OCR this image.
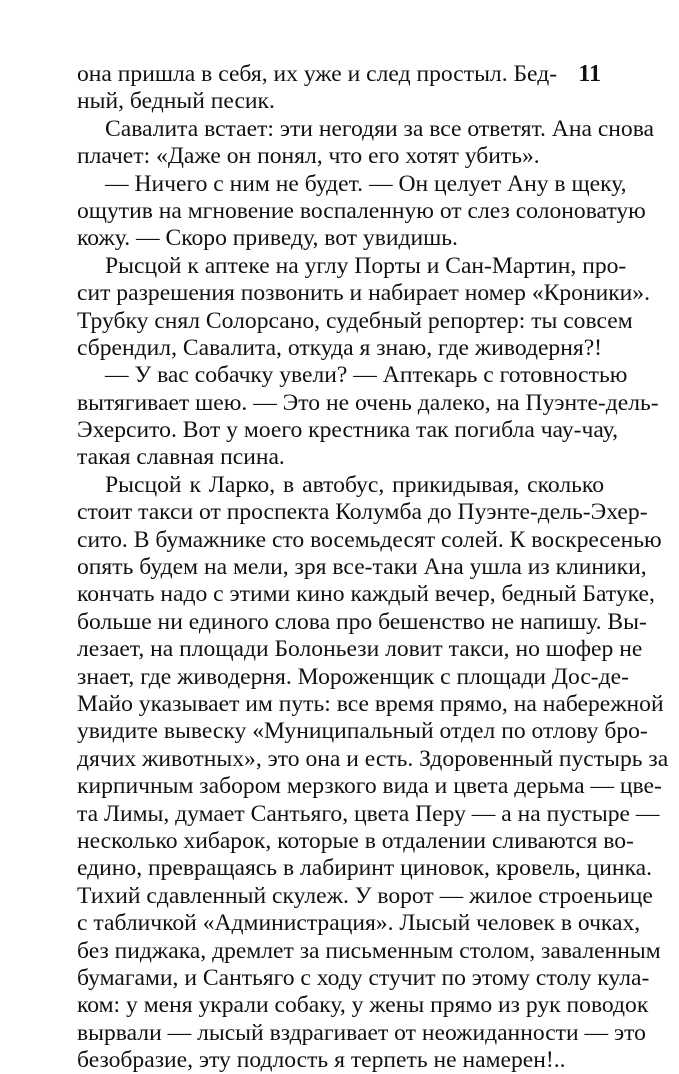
11
она пришла в себя, их уже и след простыл. Бед-
ный, бедный песик.
Савалита встает: эти негодяи за все ответят. Ана снова
плачет: «Даже он понял, что его хотят убить».
— Ничего с ним не будет. — Он целует Ану в щеку,
ощутив на мгновение воспаленную от слез солоноватую
кожу. — Скоро приведу, вот увидишь.
Рысцой к аптеке на углу Порты и Сан-Мартин, про-
сит разрешения позвонить и набирает номер «Кроники».
Трубку снял Солорсано, судебный репортер: ты совсем
сбрендил, Савалита, откуда я знаю, где живодерня?!
— У вас собачку увели? — Аптекарь с готовностью
вытягивает шею. — Это не очень далеко, на Пуэнте-дель-
Эхерсито. Вот у моего крестника так погибла чау-чау,
такая славная псина.
Рысцой к Ларко, в автобус, прикидывая, сколько
стоит такси от проспекта Колумба до Пуэнте-дель-Эхер-
сито. В бумажнике сто восемьдесят солей. К воскресенью
опять будем на мели, зря все-таки Ана ушла из клиники,
кончать надо с этими кино каждый вечер, бедный Батуке,
больше ни единого слова про бешенство не напишу. Вы-
лезает, на площади Болоньези ловит такси, но шофер не
знает, где живодерня. Мороженщик с площади Дос-де-
Майо указывает им путь: все время прямо, на набережной
увидите вывеску «Муниципальный отдел по отлову бро-
дячих животных», это она и есть. Здоровенный пустырь за
кирпичным забором мерзкого вида и цвета дерьма — цве-
та Лимы, думает Сантьяго, цвета Перу — а на пустыре —
несколько хибарок, которые в отдалении сливаются во-
едино, превращаясь в лабиринт циновок, кровель, цинка.
Тихий сдавленный скулеж. У ворот — жилое строеньице
с табличкой «Администрация». Лысый человек в очках,
без пиджака, дремлет за письменным столом, заваленным
бумагами, и Сантьяго с ходу стучит по этому столу кула-
ком: у меня украли собаку, у жены прямо из рук поводок
вырвали — лысый вздрагивает от неожиданности — это
безобразие, эту подлость я терпеть не намерен!..
